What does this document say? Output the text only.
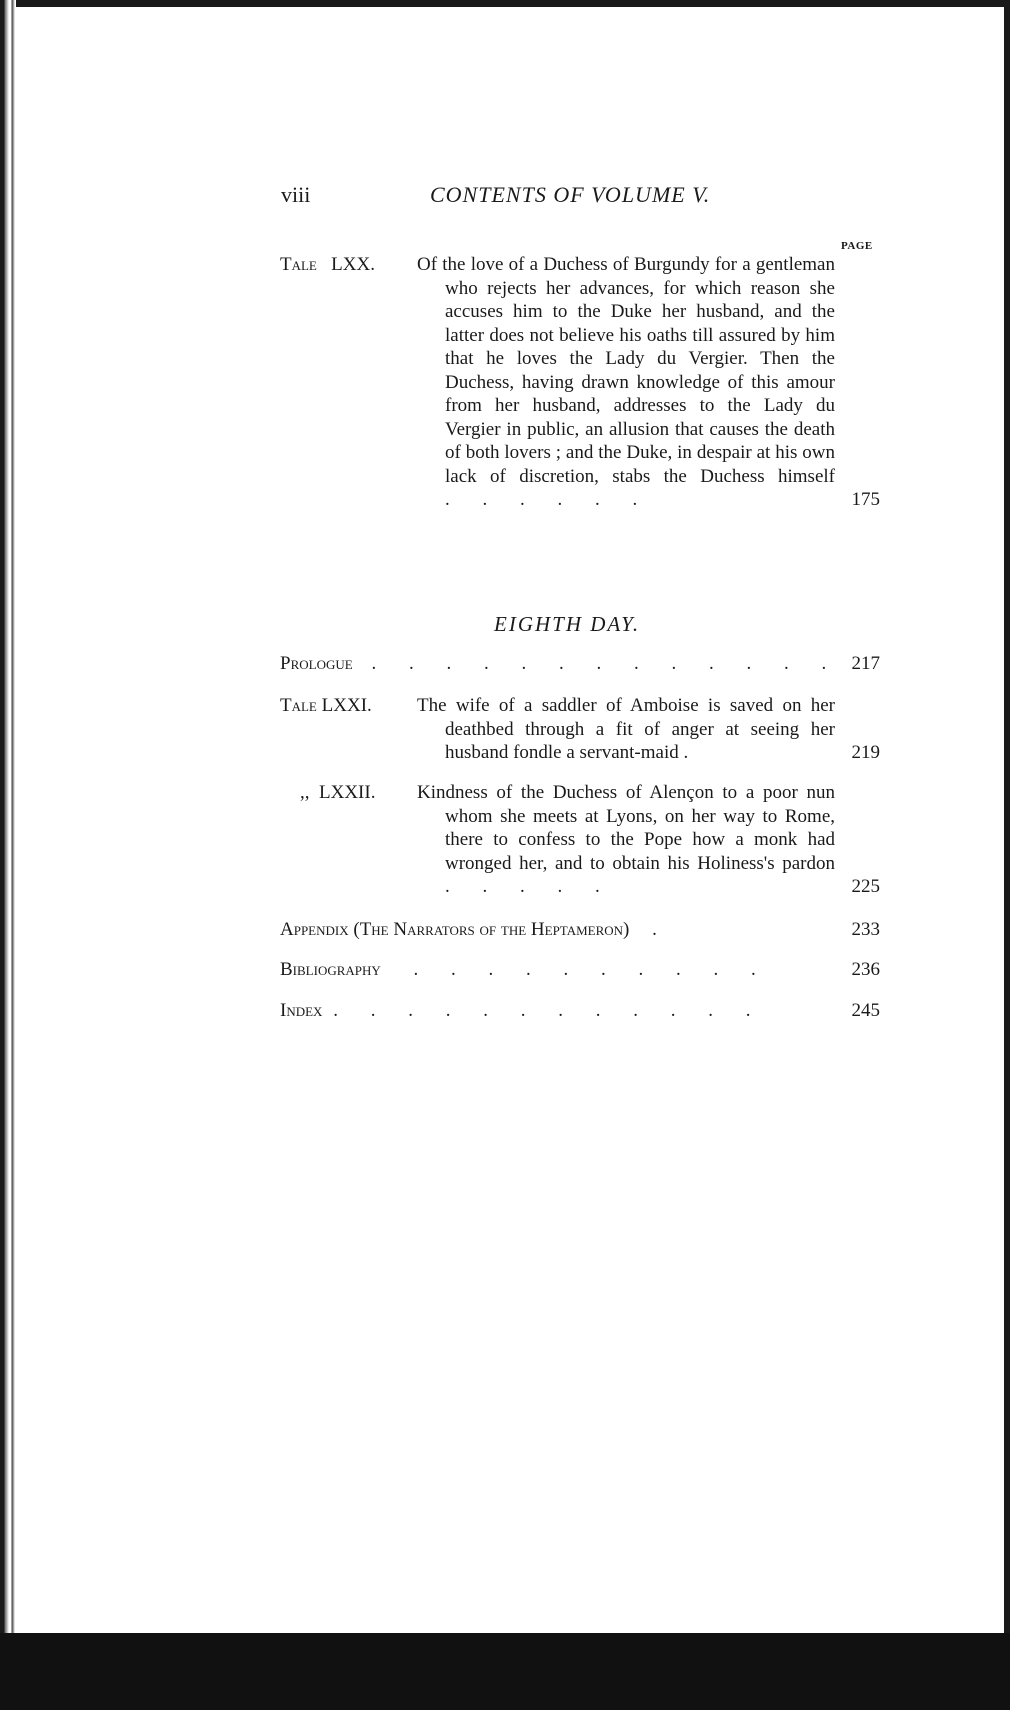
viii	CONTENTS OF VOLUME V.
PAGE
Tale LXX. Of the love of a Duchess of Burgundy for a gentleman who rejects her advances, for which reason she accuses him to the Duke her husband, and the latter does not believe his oaths till assured by him that he loves the Lady du Vergier. Then the Duchess, having drawn knowledge of this amour from her husband, addresses to the Lady du Vergier in public, an allusion that causes the death of both lovers ; and the Duke, in despair at his own lack of discretion, stabs the Duchess himself . . . . . .	175
EIGHTH DAY.
Prologue . . . . . . . . . . . . . 217
Tale LXXI. The wife of a saddler of Amboise is saved on her deathbed through a fit of anger at seeing her husband fondle a servant-maid .	219
,, LXXII. Kindness of the Duchess of Alençon to a poor nun whom she meets at Lyons, on her way to Rome, there to confess to the Pope how a monk had wronged her, and to obtain his Holiness's pardon . . . . .	225
Appendix (The Narrators of the Heptameron) .	233
Bibliography . . . . . . . . . .	236
Index . . . . . . . . . . . .	245
